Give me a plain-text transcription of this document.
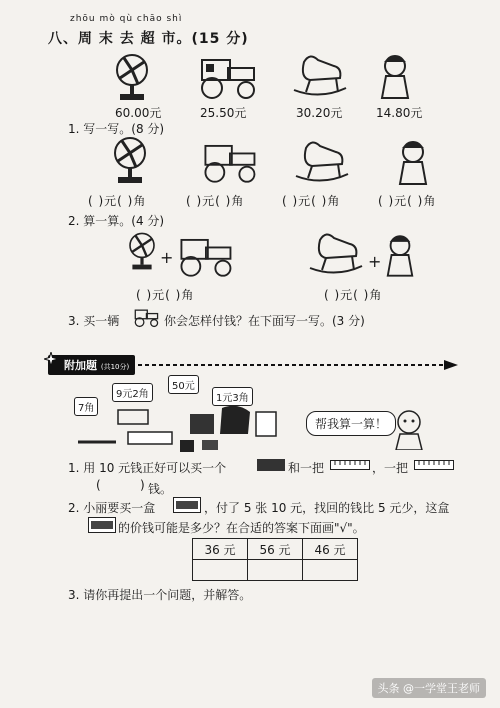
zhōu mò qù chāo shì
八、周 末 去 超 市。(15 分)
60.00元	25.50元	30.20元	14.80元
1. 写一写。(8 分)
( )元( )角	( )元( )角	( )元( )角	( )元( )角
2. 算一算。(4 分)
+	+
( )元( )角	( )元( )角
3. 买一辆	你会怎样付钱？在下面写一写。(3 分)
附加题 (共10分)
7角
9元2角
50元
1元3角
帮我算一算！
1. 用 10 元钱正好可以买一个	和一把	，一把
(	) 钱。
2. 小丽要买一盒	，付了 5 张 10 元，找回的钱比 5 元少，这盒
的价钱可能是多少？在合适的答案下面画"√"。
36 元	56 元	46 元

3. 请你再提出一个问题，并解答。
头条 @一学堂王老师
